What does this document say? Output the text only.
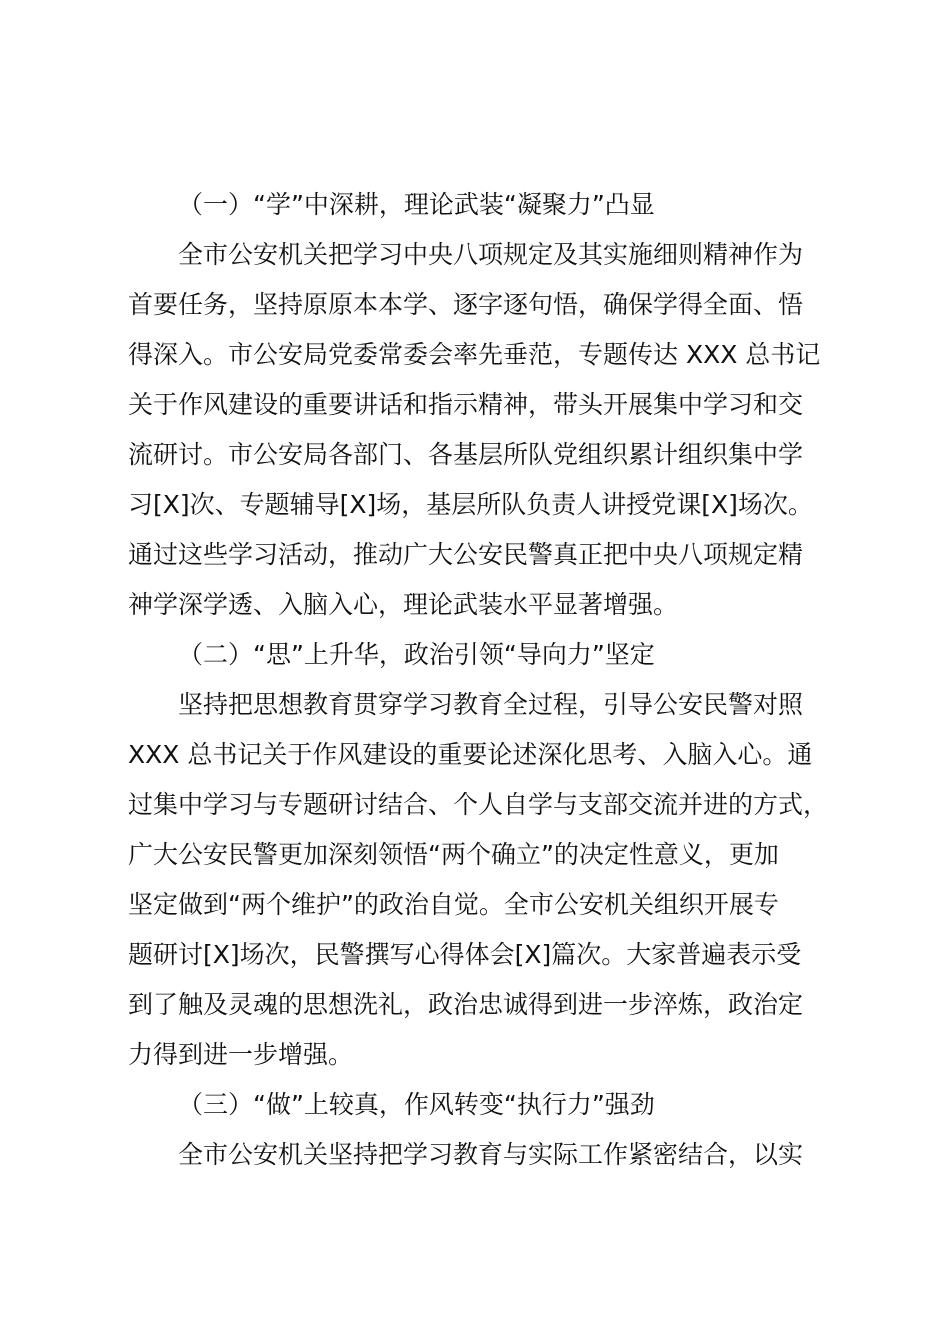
（一）“学”中深耕，理论武装“凝聚力”凸显
全市公安机关把学习中央八项规定及其实施细则精神作为
首要任务，坚持原原本本学、逐字逐句悟，确保学得全面、悟
得深入。市公安局党委常委会率先垂范，专题传达 XXX 总书记
关于作风建设的重要讲话和指示精神，带头开展集中学习和交
流研讨。市公安局各部门、各基层所队党组织累计组织集中学
习[X]次、专题辅导[X]场，基层所队负责人讲授党课[X]场次。
通过这些学习活动，推动广大公安民警真正把中央八项规定精
神学深学透、入脑入心，理论武装水平显著增强。
（二）“思”上升华，政治引领“导向力”坚定
坚持把思想教育贯穿学习教育全过程，引导公安民警对照
XXX 总书记关于作风建设的重要论述深化思考、入脑入心。通
过集中学习与专题研讨结合、个人自学与支部交流并进的方式，
广大公安民警更加深刻领悟“两个确立”的决定性意义，更加
坚定做到“两个维护”的政治自觉。全市公安机关组织开展专
题研讨[X]场次，民警撰写心得体会[X]篇次。大家普遍表示受
到了触及灵魂的思想洗礼，政治忠诚得到进一步淬炼，政治定
力得到进一步增强。
（三）“做”上较真，作风转变“执行力”强劲
全市公安机关坚持把学习教育与实际工作紧密结合，以实
